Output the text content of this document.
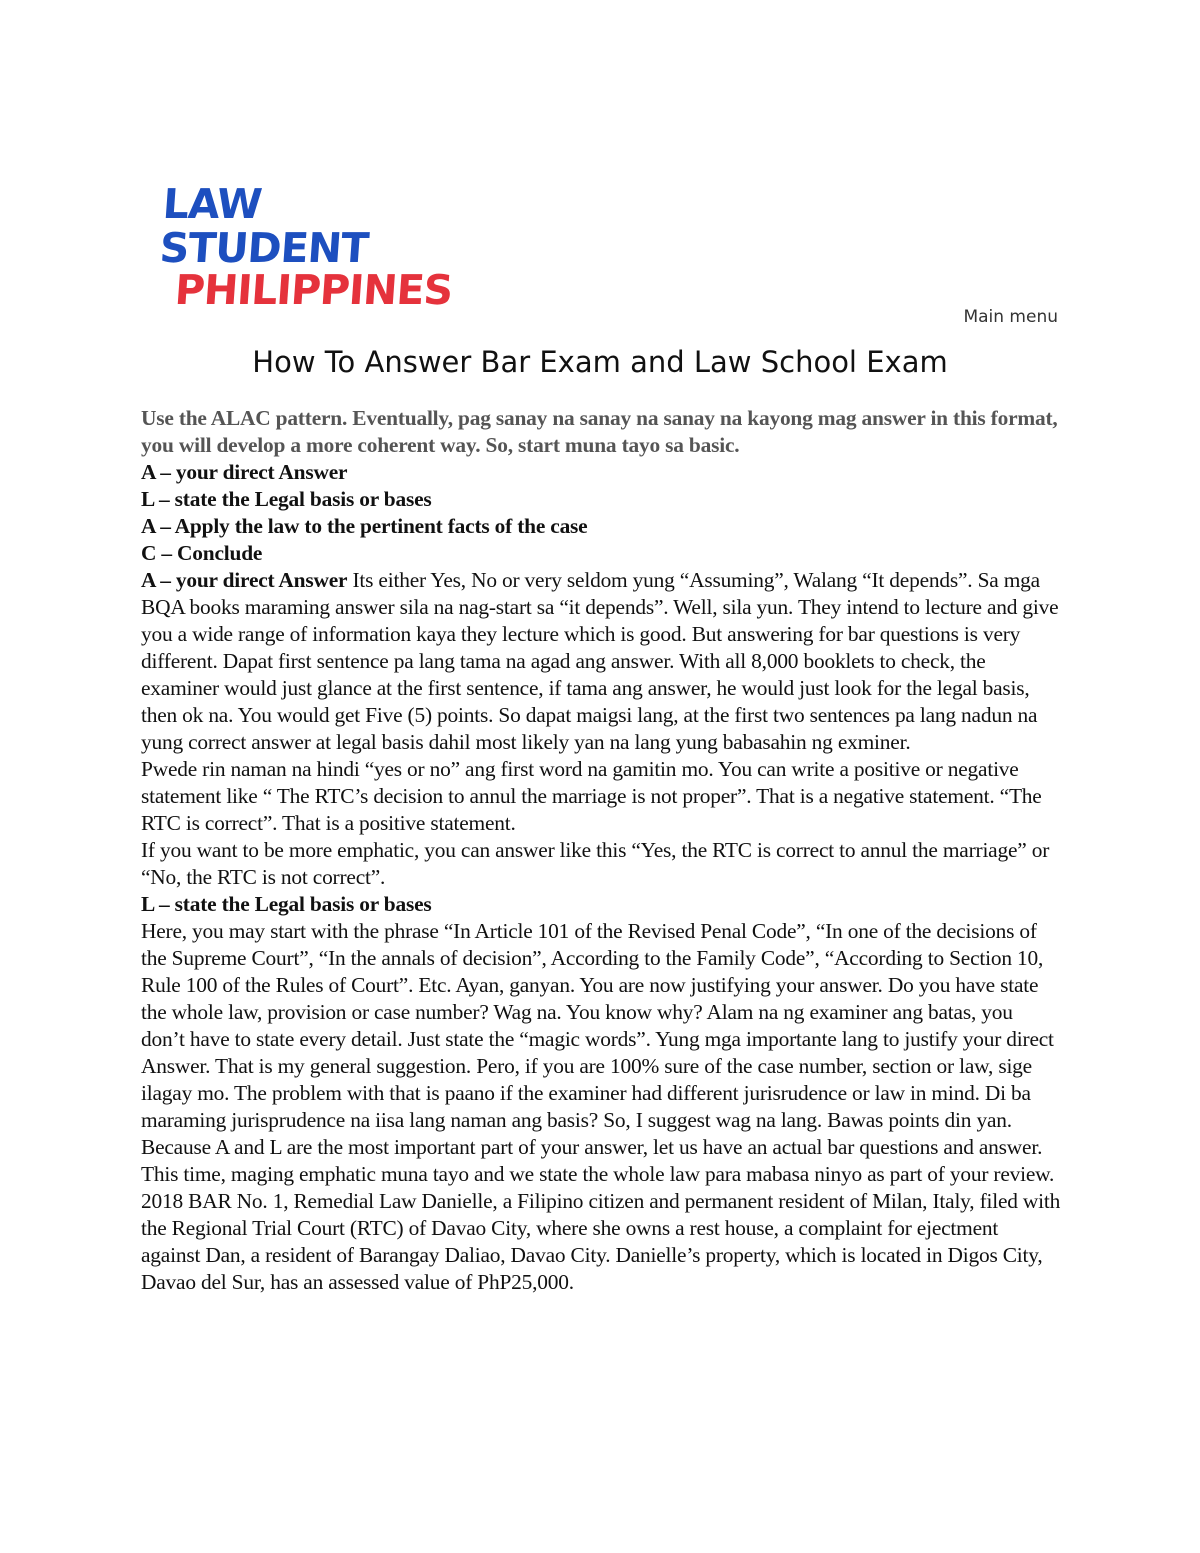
LAW STUDENT
PHILIPPINES
Main menu
How To Answer Bar Exam and Law School Exam

Use the ALAC pattern. Eventually, pag sanay na sanay na sanay na kayong mag answer in this format, you will develop a more coherent way. So, start muna tayo sa basic.

A – your direct Answer

L – state the Legal basis or bases

A – Apply the law to the pertinent facts of the case

C – Conclude

A – your direct Answer Its either Yes, No or very seldom yung “Assuming”, Walang “It depends”. Sa mga BQA books maraming answer sila na nag-start sa “it depends”. Well, sila yun. They intend to lecture and give you a wide range of information kaya they lecture which is good. But answering for bar questions is very different. Dapat first sentence pa lang tama na agad ang answer. With all 8,000 booklets to check, the examiner would just glance at the first sentence, if tama ang answer, he would just look for the legal basis, then ok na. You would get Five (5) points. So dapat maigsi lang, at the first two sentences pa lang nadun na yung correct answer at legal basis dahil most likely yan na lang yung babasahin ng exminer.

Pwede rin naman na hindi “yes or no” ang first word na gamitin mo. You can write a positive or negative statement like “ The RTC’s decision to annul the marriage is not proper”. That is a negative statement. “The RTC is correct”. That is a positive statement.

If you want to be more emphatic, you can answer like this “Yes, the RTC is correct to annul the marriage” or “No, the RTC is not correct”.

L – state the Legal basis or bases

Here, you may start with the phrase “In Article 101 of the Revised Penal Code”, “In one of the decisions of the Supreme Court”, “In the annals of decision”, According to the Family Code”, “According to Section 10, Rule 100 of the Rules of Court”. Etc. Ayan, ganyan. You are now justifying your answer. Do you have state the whole law, provision or case number? Wag na. You know why? Alam na ng examiner ang batas, you don’t have to state every detail. Just state the “magic words”. Yung mga importante lang to justify your direct Answer. That is my general suggestion. Pero, if you are 100% sure of the case number, section or law, sige ilagay mo. The problem with that is paano if the examiner had different jurisrudence or law in mind. Di ba maraming jurisprudence na iisa lang naman ang basis? So, I suggest wag na lang. Bawas points din yan.

Because A and L are the most important part of your answer, let us have an actual bar questions and answer. This time, maging emphatic muna tayo and we state the whole law para mabasa ninyo as part of your review.

2018 BAR No. 1, Remedial Law Danielle, a Filipino citizen and permanent resident of Milan, Italy, filed with the Regional Trial Court (RTC) of Davao City, where she owns a rest house, a complaint for ejectment against Dan, a resident of Barangay Daliao, Davao City. Danielle’s property, which is located in Digos City, Davao del Sur, has an assessed value of PhP25,000.
